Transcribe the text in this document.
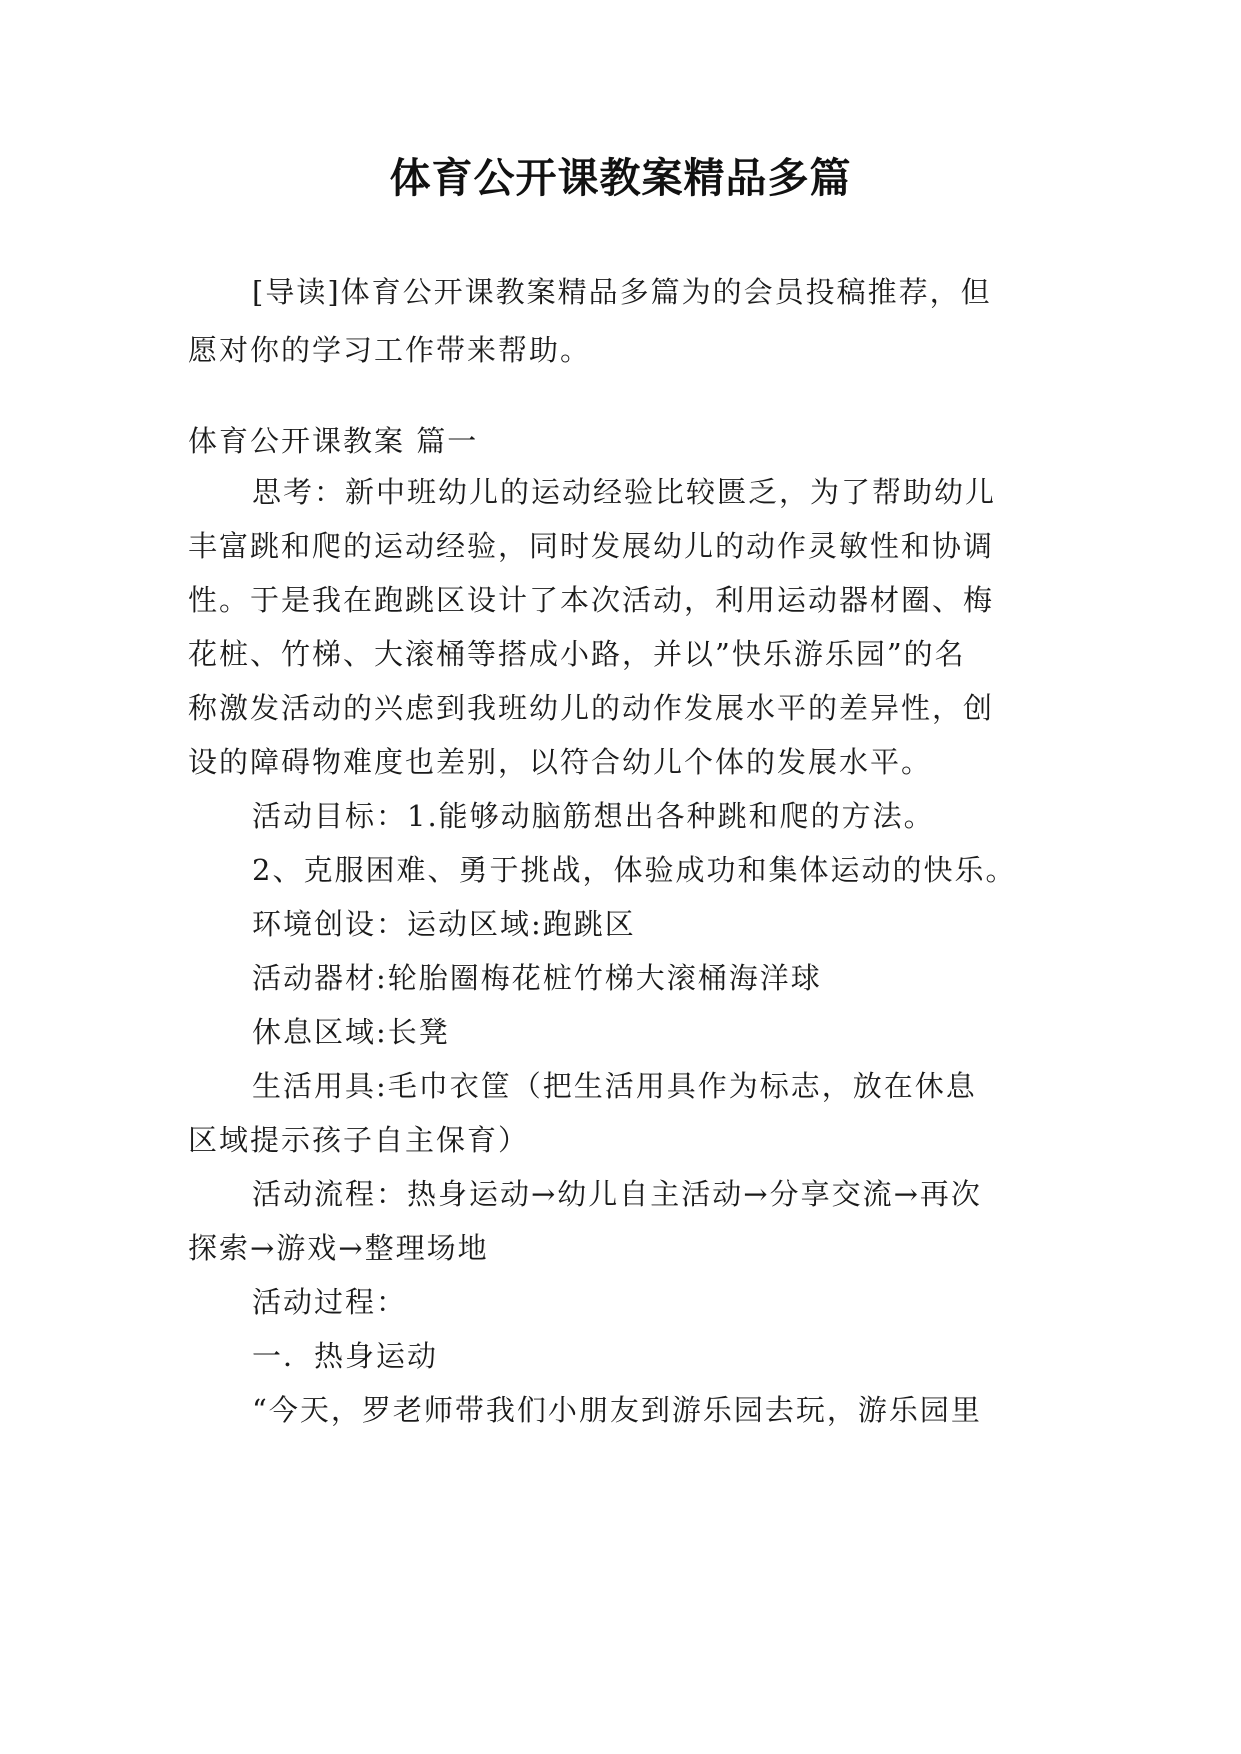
体育公开课教案精品多篇

[导读]体育公开课教案精品多篇为的会员投稿推荐，但

愿对你的学习工作带来帮助。

体育公开课教案 篇一

思考：新中班幼儿的运动经验比较匮乏，为了帮助幼儿

丰富跳和爬的运动经验，同时发展幼儿的动作灵敏性和协调

性。于是我在跑跳区设计了本次活动，利用运动器材圈、梅

花桩、竹梯、大滚桶等搭成小路，并以”快乐游乐园”的名

称激发活动的兴虑到我班幼儿的动作发展水平的差异性，创

设的障碍物难度也差别，以符合幼儿个体的发展水平。

活动目标：1.能够动脑筋想出各种跳和爬的方法。

2、克服困难、勇于挑战，体验成功和集体运动的快乐。

环境创设：运动区域:跑跳区

活动器材:轮胎圈梅花桩竹梯大滚桶海洋球

休息区域:长凳

生活用具:毛巾衣筐（把生活用具作为标志，放在休息

区域提示孩子自主保育）

活动流程：热身运动→幼儿自主活动→分享交流→再次

探索→游戏→整理场地

活动过程：

一．热身运动

“今天，罗老师带我们小朋友到游乐园去玩，游乐园里
